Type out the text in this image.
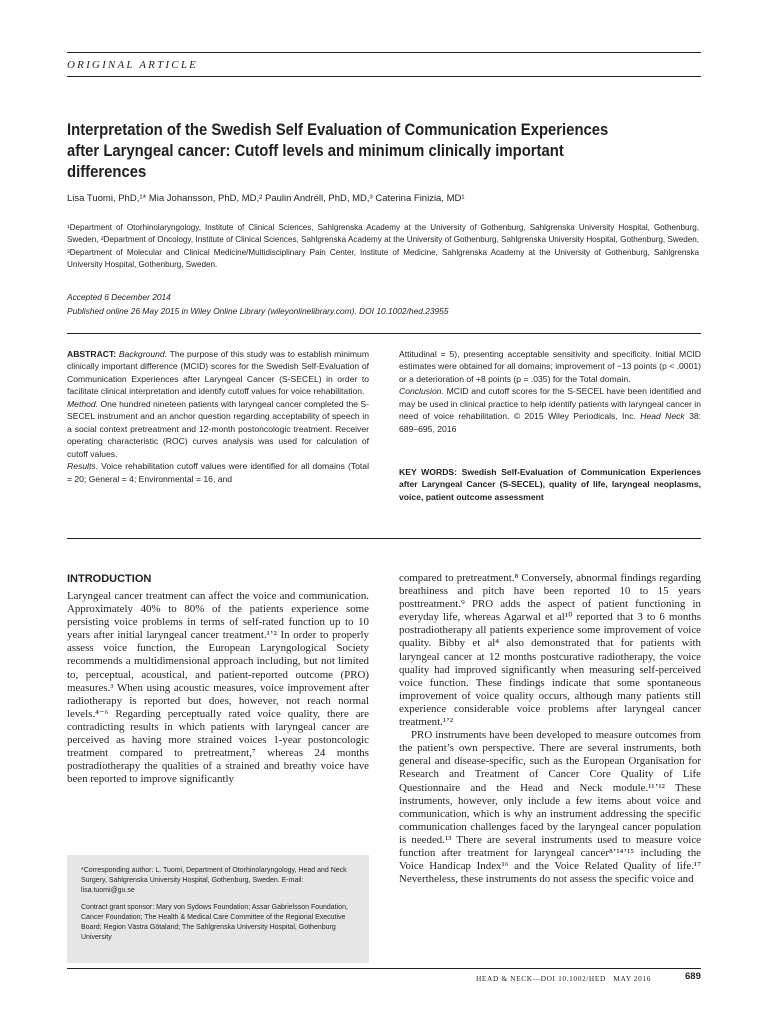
ORIGINAL ARTICLE
Interpretation of the Swedish Self Evaluation of Communication Experiences after Laryngeal cancer: Cutoff levels and minimum clinically important differences
Lisa Tuomi, PhD,¹* Mia Johansson, PhD, MD,² Paulin Andréll, PhD, MD,³ Caterina Finizia, MD¹
¹Department of Otorhinolaryngology, Institute of Clinical Sciences, Sahlgrenska Academy at the University of Gothenburg, Sahlgrenska University Hospital, Gothenburg, Sweden, ²Department of Oncology, Institute of Clinical Sciences, Sahlgrenska Academy at the University of Gothenburg, Sahlgrenska University Hospital, Gothenburg, Sweden, ³Department of Molecular and Clinical Medicine/Multidisciplinary Pain Center, Institute of Medicine, Sahlgrenska Academy at the University of Gothenburg, Sahlgrenska University Hospital, Gothenburg, Sweden.
Accepted 6 December 2014
Published online 26 May 2015 in Wiley Online Library (wileyonlinelibrary.com). DOI 10.1002/hed.23955
ABSTRACT: Background. The purpose of this study was to establish minimum clinically important difference (MCID) scores for the Swedish Self-Evaluation of Communication Experiences after Laryngeal Cancer (S-SECEL) in order to facilitate clinical interpretation and identify cutoff values for voice rehabilitation.
Method. One hundred nineteen patients with laryngeal cancer completed the S-SECEL instrument and an anchor question regarding acceptability of speech in a social context pretreatment and 12-month postoncologic treatment. Receiver operating characteristic (ROC) curves analysis was used for calculation of cutoff values.
Results. Voice rehabilitation cutoff values were identified for all domains (Total = 20; General = 4; Environmental = 16, and
Attitudinal = 5), presenting acceptable sensitivity and specificity. Initial MCID estimates were obtained for all domains; improvement of −13 points (p < .0001) or a deterioration of +8 points (p = .035) for the Total domain.
Conclusion. MCID and cutoff scores for the S-SECEL have been identified and may be used in clinical practice to help identify patients with laryngeal cancer in need of voice rehabilitation. © 2015 Wiley Periodicals, Inc. Head Neck 38: 689–695, 2016
KEY WORDS: Swedish Self-Evaluation of Communication Experiences after Laryngeal Cancer (S-SECEL), quality of life, laryngeal neoplasms, voice, patient outcome assessment
INTRODUCTION

Laryngeal cancer treatment can affect the voice and communication. Approximately 40% to 80% of the patients experience some persisting voice problems in terms of self-rated function up to 10 years after initial laryngeal cancer treatment.¹ʼ² In order to properly assess voice function, the European Laryngological Society recommends a multidimensional approach including, but not limited to, perceptual, acoustical, and patient-reported outcome (PRO) measures.³ When using acoustic measures, voice improvement after radiotherapy is reported but does, however, not reach normal levels.⁴⁻⁶ Regarding perceptually rated voice quality, there are contradicting results in which patients with laryngeal cancer are perceived as having more strained voices 1-year postoncologic treatment compared to pretreatment,⁷ whereas 24 months postradiotherapy the qualities of a strained and breathy voice have been reported to improve significantly

compared to pretreatment.⁸ Conversely, abnormal findings regarding breathiness and pitch have been reported 10 to 15 years posttreatment.⁹ PRO adds the aspect of patient functioning in everyday life, whereas Agarwal et al¹⁰ reported that 3 to 6 months postradiotherapy all patients experience some improvement of voice quality. Bibby et al⁴ also demonstrated that for patients with laryngeal cancer at 12 months postcurative radiotherapy, the voice quality had improved significantly when measuring self-perceived voice function. These findings indicate that some spontaneous improvement of voice quality occurs, although many patients still experience considerable voice problems after laryngeal cancer treatment.¹ʼ²

PRO instruments have been developed to measure outcomes from the patient’s own perspective. There are several instruments, both general and disease-specific, such as the European Organisation for Research and Treatment of Cancer Core Quality of Life Questionnaire and the Head and Neck module.¹¹ʼ¹² These instruments, however, only include a few items about voice and communication, which is why an instrument addressing the specific communication challenges faced by the laryngeal cancer population is needed.¹³ There are several instruments used to measure voice function after treatment for laryngeal cancer⁸ʼ¹⁴ʼ¹⁵ including the Voice Handicap Index¹⁶ and the Voice Related Quality of life.¹⁷ Nevertheless, these instruments do not assess the specific voice and

*Corresponding author: L. Tuomi, Department of Otorhinolaryngology, Head and Neck Surgery, Sahlgrenska University Hospital, Gothenburg, Sweden. E-mail: lisa.tuomi@gu.se

Contract grant sponsor: Mary von Sydows Foundation; Assar Gabrielsson Foundation, Cancer Foundation; The Health & Medical Care Committee of the Regional Executive Board; Region Västra Götaland; The Sahlgrenska University Hospital, Gothenburg University

HEAD & NECK—DOI 10.1002/HED   MAY 2016	689
